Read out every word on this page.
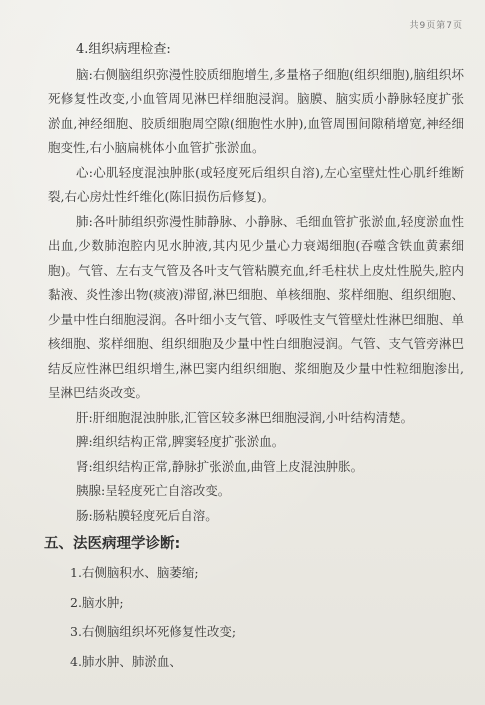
共9页第7页

4.组织病理检查:

脑:右侧脑组织弥漫性胶质细胞增生,多量格子细胞(组织细胞),脑组织坏死修复性改变,小血管周见淋巴样细胞浸润。脑膜、脑实质小静脉轻度扩张淤血,神经细胞、胶质细胞周空隙(细胞性水肿),血管周围间隙稍增宽,神经细胞变性,右小脑扁桃体小血管扩张淤血。

心:心肌轻度混浊肿胀(或轻度死后组织自溶),左心室壁灶性心肌纤维断裂,右心房灶性纤维化(陈旧损伤后修复)。

肺:各叶肺组织弥漫性肺静脉、小静脉、毛细血管扩张淤血,轻度淤血性出血,少数肺泡腔内见水肿液,其内见少量心力衰竭细胞(吞噬含铁血黄素细胞)。气管、左右支气管及各叶支气管粘膜充血,纤毛柱状上皮灶性脱失,腔内黏液、炎性渗出物(痰液)滞留,淋巴细胞、单核细胞、浆样细胞、组织细胞、少量中性白细胞浸润。各叶细小支气管、呼吸性支气管壁灶性淋巴细胞、单核细胞、浆样细胞、组织细胞及少量中性白细胞浸润。气管、支气管旁淋巴结反应性淋巴组织增生,淋巴窦内组织细胞、浆细胞及少量中性粒细胞渗出,呈淋巴结炎改变。

肝:肝细胞混浊肿胀,汇管区较多淋巴细胞浸润,小叶结构清楚。

脾:组织结构正常,脾窦轻度扩张淤血。

肾:组织结构正常,静脉扩张淤血,曲管上皮混浊肿胀。

胰腺:呈轻度死亡自溶改变。

肠:肠粘膜轻度死后自溶。

五、法医病理学诊断:
1.右侧脑积水、脑萎缩;
2.脑水肿;
3.右侧脑组织坏死修复性改变;
4.肺水肿、肺淤血、
